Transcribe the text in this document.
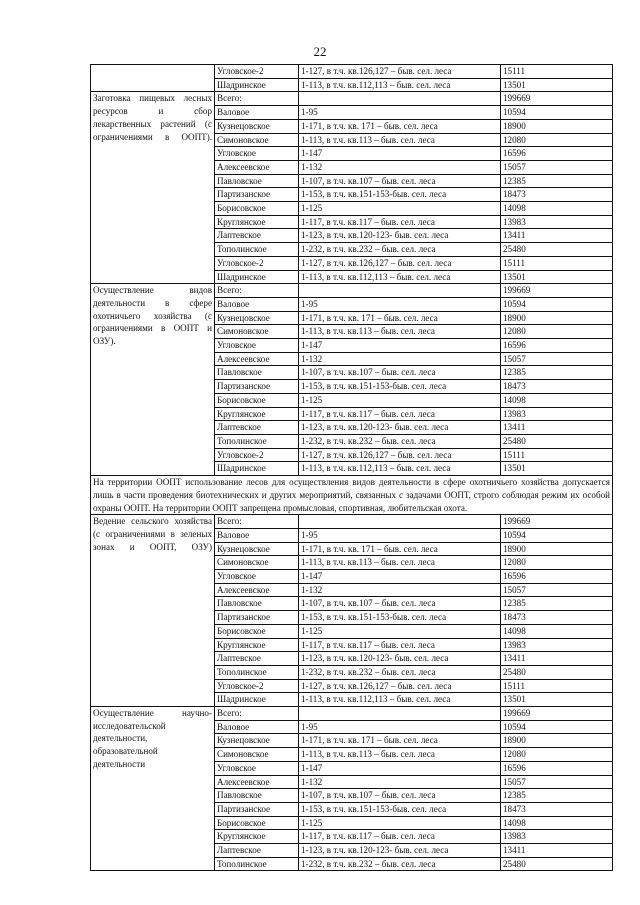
22
	Угловское-2	1-127, в т.ч. кв.126,127 – быв. сел. леса	15111
	Шадринское	1-113, в т.ч. кв.112,113 – быв. сел. леса	13501
Заготовка пищевых лесных ресурсов и сбор лекарственных растений (с ограничениями в ООПТ).	Всего:		199669
	Валовое	1-95	10594
	Кузнецовское	1-171, в т.ч. кв. 171 – быв. сел. леса	18900
	Симоновское	1-113, в т.ч. кв.113 – быв. сел. леса	12080
	Угловское	1-147	16596
	Алексеевское	1-132	15057
	Павловское	1-107, в т.ч. кв.107 – быв. сел. леса	12385
	Партизанское	1-153, в т.ч. кв.151-153-быв. сел. леса	18473
	Борисовское	1-125	14098
	Круглянское	1-117, в т.ч. кв.117 – быв. сел. леса	13983
	Лаптевское	1-123, в т.ч. кв.120-123- быв. сел. леса	13411
	Тополинское	1-232, в т.ч. кв.232 – быв. сел. леса	25480
	Угловское-2	1-127, в т.ч. кв.126,127 – быв. сел. леса	15111
	Шадринское	1-113, в т.ч. кв.112,113 – быв. сел. леса	13501
Осуществление видов деятельности в сфере охотничьего хозяйства (с ограничениями в ООПТ и ОЗУ).	Всего:		199669
	Валовое	1-95	10594
	Кузнецовское	1-171, в т.ч. кв. 171 – быв. сел. леса	18900
	Симоновское	1-113, в т.ч. кв.113 – быв. сел. леса	12080
	Угловское	1-147	16596
	Алексеевское	1-132	15057
	Павловское	1-107, в т.ч. кв.107 – быв. сел. леса	12385
	Партизанское	1-153, в т.ч. кв.151-153-быв. сел. леса	18473
	Борисовское	1-125	14098
	Круглянское	1-117, в т.ч. кв.117 – быв. сел. леса	13983
	Лаптевское	1-123, в т.ч. кв.120-123- быв. сел. леса	13411
	Тополинское	1-232, в т.ч. кв.232 – быв. сел. леса	25480
	Угловское-2	1-127, в т.ч. кв.126,127 – быв. сел. леса	15111
	Шадринское	1-113, в т.ч. кв.112,113 – быв. сел. леса	13501
На территории ООПТ использование лесов для осуществления видов деятельности в сфере охотничьего хозяйства допускается лишь в части проведения биотехнических и других мероприятий, связанных с задачами ООПТ, строго соблюдая режим их особой охраны ООПТ. На территории ООПТ запрещена промысловая, спортивная, любительская охота.			
Ведение сельского хозяйства (с ограничениями в зеленых зонах и ООПТ, ОЗУ)	Всего:		199669
	Валовое	1-95	10594
	Кузнецовское	1-171, в т.ч. кв. 171 – быв. сел. леса	18900
	Симоновское	1-113, в т.ч. кв.113 – быв. сел. леса	12080
	Угловское	1-147	16596
	Алексеевское	1-132	15057
	Павловское	1-107, в т.ч. кв.107 – быв. сел. леса	12385
	Партизанское	1-153, в т.ч. кв.151-153-быв. сел. леса	18473
	Борисовское	1-125	14098
	Круглянское	1-117, в т.ч. кв.117 – быв. сел. леса	13983
	Лаптевское	1-123, в т.ч. кв.120-123- быв. сел. леса	13411
	Тополинское	1-232, в т.ч. кв.232 – быв. сел. леса	25480
	Угловское-2	1-127, в т.ч. кв.126,127 – быв. сел. леса	15111
	Шадринское	1-113, в т.ч. кв.112,113 – быв. сел. леса	13501
Осуществление научно-исследовательской деятельности, образовательной деятельности	Всего:		199669
	Валовое	1-95	10594
	Кузнецовское	1-171, в т.ч. кв. 171 – быв. сел. леса	18900
	Симоновское	1-113, в т.ч. кв.113 – быв. сел. леса	12080
	Угловское	1-147	16596
	Алексеевское	1-132	15057
	Павловское	1-107, в т.ч. кв.107 – быв. сел. леса	12385
	Партизанское	1-153, в т.ч. кв.151-153-быв. сел. леса	18473
	Борисовское	1-125	14098
	Круглянское	1-117, в т.ч. кв.117 – быв. сел. леса	13983
	Лаптевское	1-123, в т.ч. кв.120-123- быв. сел. леса	13411
	Тополинское	1-232, в т.ч. кв.232 – быв. сел. леса	25480
